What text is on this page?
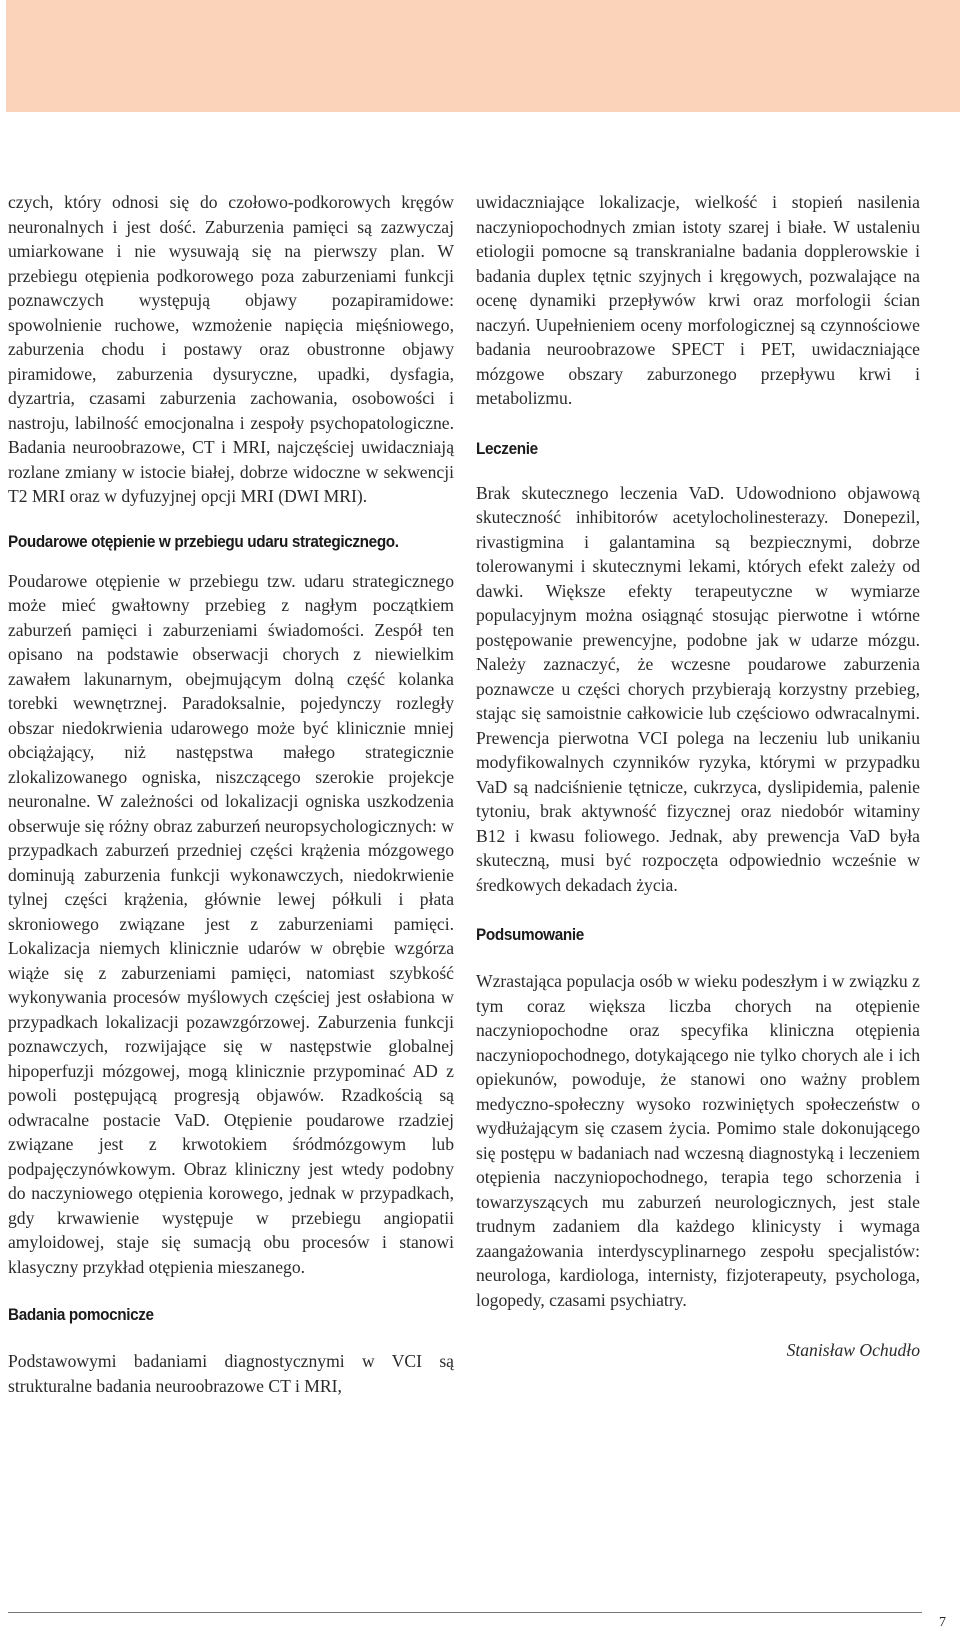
czych, który odnosi się do czołowo-podkorowych kręgów neuronalnych i jest dość. Zaburzenia pamięci są zazwyczaj umiarkowane i nie wysuwają się na pierwszy plan. W przebiegu otępienia podkorowego poza zaburzeniami funkcji poznawczych występują objawy pozapiramidowe: spowolnienie ruchowe, wzmożenie napięcia mięśniowego, zaburzenia chodu i postawy oraz obustronne objawy piramidowe, zaburzenia dysuryczne, upadki, dysfagia, dyzartria, czasami zaburzenia zachowania, osobowości i nastroju, labilność emocjonalna i zespoły psychopatologiczne. Badania neuroobrazowe, CT i MRI, najczęściej uwidaczniają rozlane zmiany w istocie białej, dobrze widoczne w sekwencji T2 MRI oraz w dyfuzyjnej opcji MRI (DWI MRI).

Poudarowe otępienie w przebiegu udaru strategicznego.

Poudarowe otępienie w przebiegu tzw. udaru strategicznego może mieć gwałtowny przebieg z nagłym początkiem zaburzeń pamięci i zaburzeniami świadomości. Zespół ten opisano na podstawie obserwacji chorych z niewielkim zawałem lakunarnym, obejmującym dolną część kolanka torebki wewnętrznej. Paradoksalnie, pojedynczy rozległy obszar niedokrwienia udarowego może być klinicznie mniej obciążający, niż następstwa małego strategicznie zlokalizowanego ogniska, niszczącego szerokie projekcje neuronalne. W zależności od lokalizacji ogniska uszkodzenia obserwuje się różny obraz zaburzeń neuropsychologicznych: w przypadkach zaburzeń przedniej części krążenia mózgowego dominują zaburzenia funkcji wykonawczych, niedokrwienie tylnej części krążenia, głównie lewej półkuli i płata skroniowego związane jest z zaburzeniami pamięci. Lokalizacja niemych klinicznie udarów w obrębie wzgórza wiąże się z zaburzeniami pamięci, natomiast szybkość wykonywania procesów myślowych częściej jest osłabiona w przypadkach lokalizacji pozawzgórzowej. Zaburzenia funkcji poznawczych, rozwijające się w następstwie globalnej hipoperfuzji mózgowej, mogą klinicznie przypominać AD z powoli postępującą progresją objawów. Rzadkością są odwracalne postacie VaD. Otępienie poudarowe rzadziej związane jest z krwotokiem śródmózgowym lub podpajęczynówkowym. Obraz kliniczny jest wtedy podobny do naczyniowego otępienia korowego, jednak w przypadkach, gdy krwawienie występuje w przebiegu angiopatii amyloidowej, staje się sumacją obu procesów i stanowi klasyczny przykład otępienia mieszanego.

Badania pomocnicze

Podstawowymi badaniami diagnostycznymi w VCI są strukturalne badania neuroobrazowe CT i MRI,

uwidaczniające lokalizacje, wielkość i stopień nasilenia naczyniopochodnych zmian istoty szarej i białe. W ustaleniu etiologii pomocne są transkranialne badania dopplerowskie i badania duplex tętnic szyjnych i kręgowych, pozwalające na ocenę dynamiki przepływów krwi oraz morfologii ścian naczyń. Uupełnieniem oceny morfologicznej są czynnościowe badania neuroobrazowe SPECT i PET, uwidaczniające mózgowe obszary zaburzonego przepływu krwi i metabolizmu.

Leczenie

Brak skutecznego leczenia VaD. Udowodniono objawową skuteczność inhibitorów acetylocholinesterazy. Donepezil, rivastigmina i galantamina są bezpiecznymi, dobrze tolerowanymi i skutecznymi lekami, których efekt zależy od dawki. Większe efekty terapeutyczne w wymiarze populacyjnym można osiągnąć stosując pierwotne i wtórne postępowanie prewencyjne, podobne jak w udarze mózgu. Należy zaznaczyć, że wczesne poudarowe zaburzenia poznawcze u części chorych przybierają korzystny przebieg, stając się samoistnie całkowicie lub częściowo odwracalnymi. Prewencja pierwotna VCI polega na leczeniu lub unikaniu modyfikowalnych czynników ryzyka, którymi w przypadku VaD są nadciśnienie tętnicze, cukrzyca, dyslipidemia, palenie tytoniu, brak aktywność fizycznej oraz niedobór witaminy B12 i kwasu foliowego. Jednak, aby prewencja VaD była skuteczną, musi być rozpoczęta odpowiednio wcześnie w średkowych dekadach życia.

Podsumowanie

Wzrastająca populacja osób w wieku podeszłym i w związku z tym coraz większa liczba chorych na otępienie naczyniopochodne oraz specyfika kliniczna otępienia naczyniopochodnego, dotykającego nie tylko chorych ale i ich opiekunów, powoduje, że stanowi ono ważny problem medyczno-społeczny wysoko rozwiniętych społeczeństw o wydłużającym się czasem życia. Pomimo stale dokonującego się postępu w badaniach nad wczesną diagnostyką i leczeniem otępienia naczyniopochodnego, terapia tego schorzenia i towarzyszących mu zaburzeń neurologicznych, jest stale trudnym zadaniem dla każdego klinicysty i wymaga zaangażowania interdyscyplinarnego zespołu specjalistów: neurologa, kardiologa, internisty, fizjoterapeuty, psychologa, logopedy, czasami psychiatry.

Stanisław Ochudło

7
